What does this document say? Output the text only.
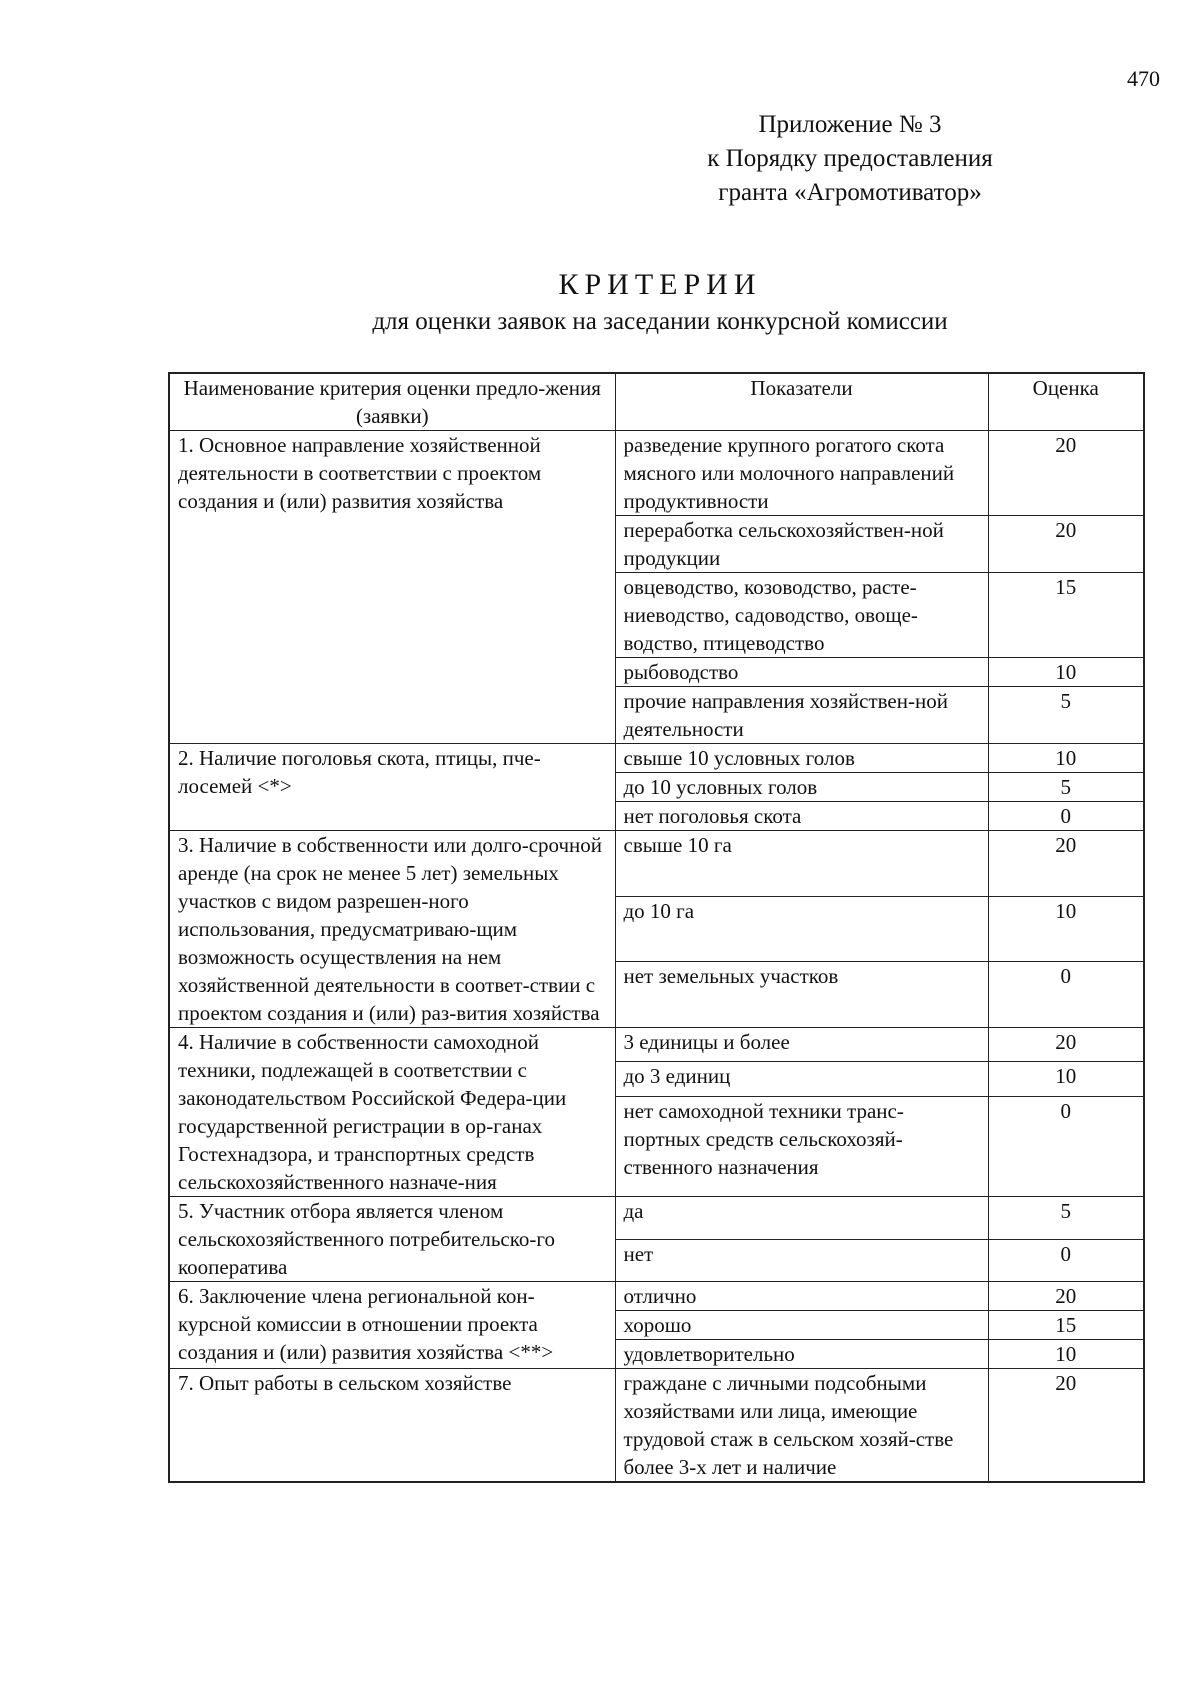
470
Приложение № 3
к Порядку предоставления
гранта «Агромотиватор»
КРИТЕРИИ
для оценки заявок на заседании конкурсной комиссии
Наименование критерия оценки предло-жения (заявки)	Показатели	Оценка
1. Основное направление хозяйственной деятельности в соответствии с проектом создания и (или) развития хозяйства	разведение крупного рогатого скота мясного или молочного направлений продуктивности	20
	переработка сельскохозяйствен-ной продукции	20
	овцеводство, козоводство, расте-ниеводство, садоводство, овоще-водство, птицеводство	15
	рыбоводство	10
	прочие направления хозяйствен-ной деятельности	5
2. Наличие поголовья скота, птицы, пче-лосемей <*>	свыше 10 условных голов	10
	до 10 условных голов	5
	нет поголовья скота	0
3. Наличие в собственности или долго-срочной аренде (на срок не менее 5 лет) земельных участков с видом разрешен-ного использования, предусматриваю-щим возможность осуществления на нем хозяйственной деятельности в соответ-ствии с проектом создания и (или) раз-вития хозяйства	свыше 10 га	20
	до 10 га	10
	нет земельных участков	0
4. Наличие в собственности самоходной техники, подлежащей в соответствии с законодательством Российской Федера-ции государственной регистрации в ор-ганах Гостехнадзора, и транспортных средств сельскохозяйственного назначе-ния	3 единицы и более	20
	до 3 единиц	10
	нет самоходной техники транс-портных средств сельскохозяй-ственного назначения	0
5. Участник отбора является членом сельскохозяйственного потребительско-го кооператива	да	5
	нет	0
6. Заключение члена региональной кон-курсной комиссии в отношении проекта создания и (или) развития хозяйства <**>	отлично	20
	хорошо	15
	удовлетворительно	10
7. Опыт работы в сельском хозяйстве	граждане с личными подсобными хозяйствами или лица, имеющие трудовой стаж в сельском хозяй-стве более 3-х лет и наличие	20
